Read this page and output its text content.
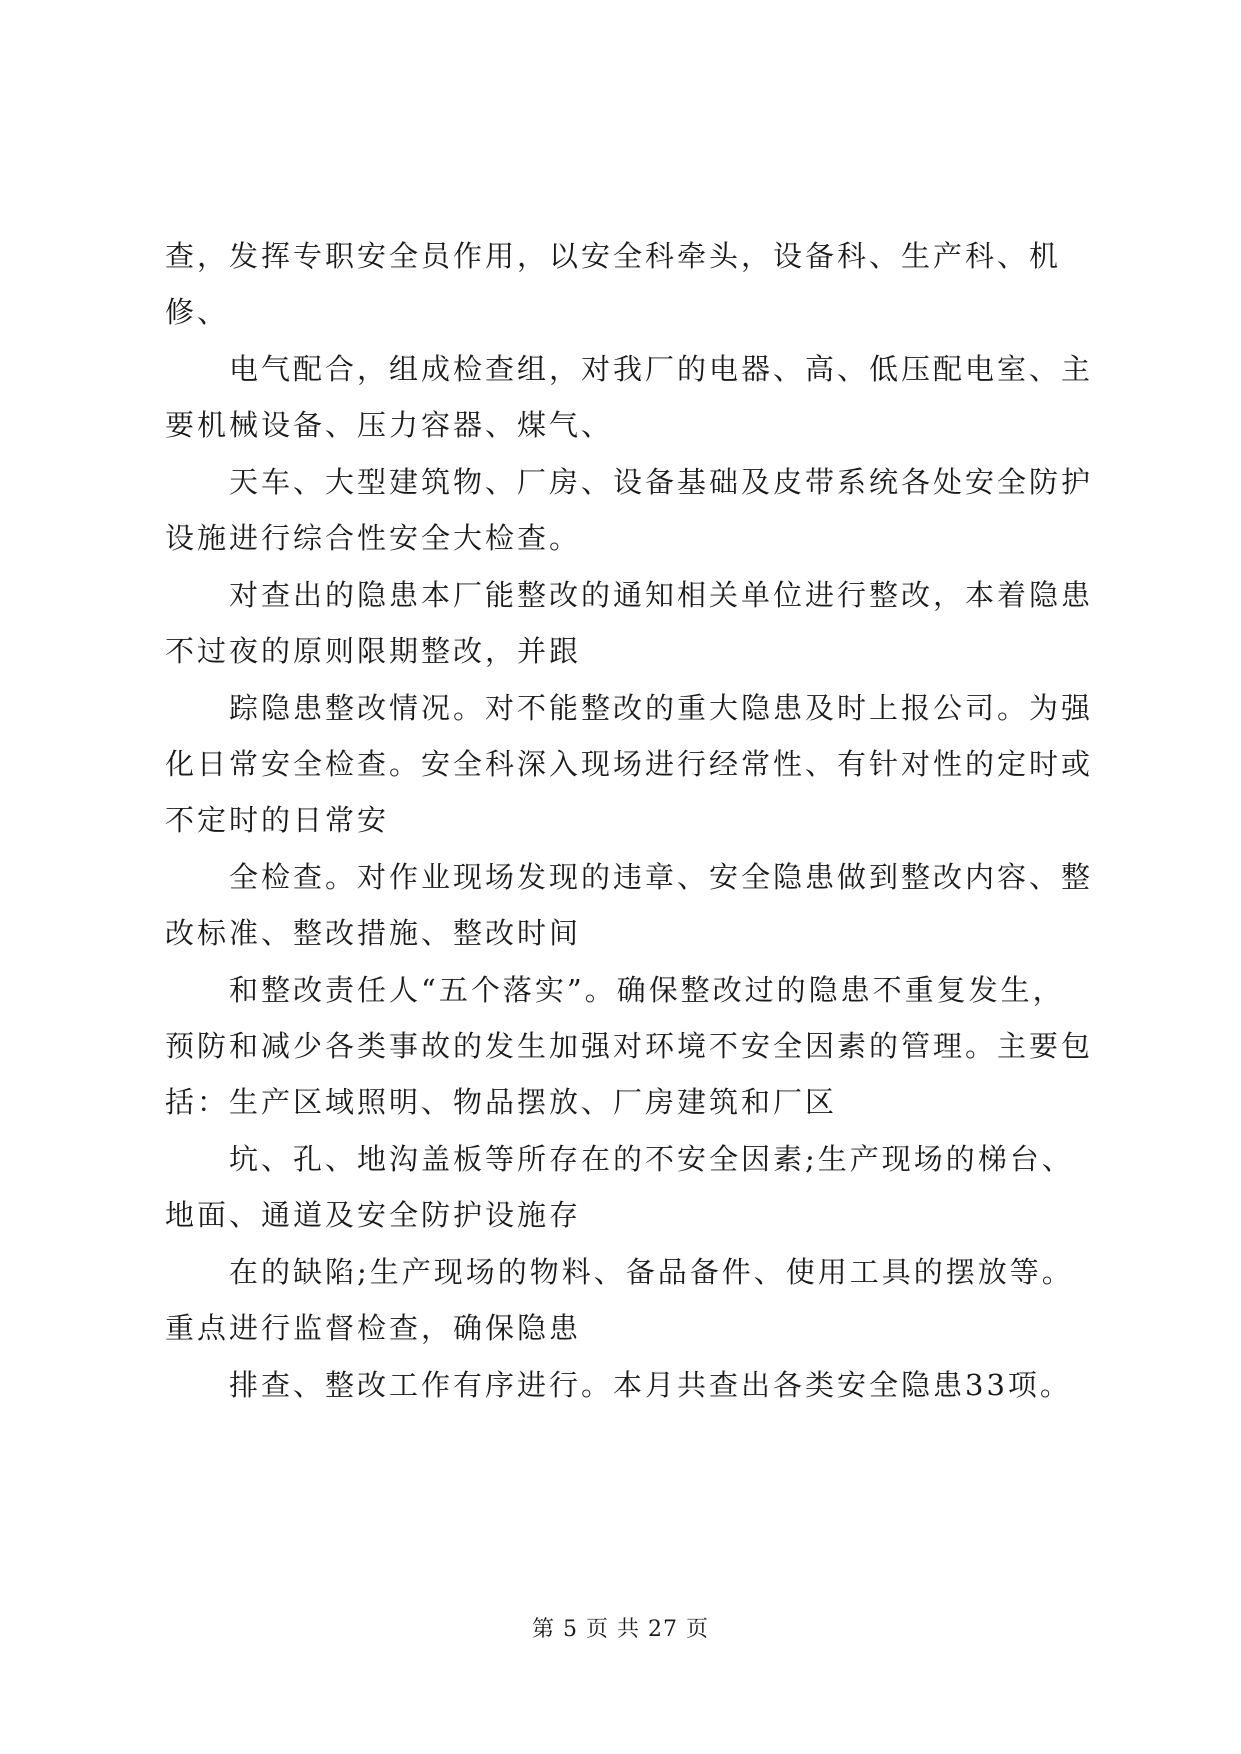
查，发挥专职安全员作用，以安全科牵头，设备科、生产科、机修、

电气配合，组成检查组，对我厂的电器、高、低压配电室、主要机械设备、压力容器、煤气、

天车、大型建筑物、厂房、设备基础及皮带系统各处安全防护设施进行综合性安全大检查。

对查出的隐患本厂能整改的通知相关单位进行整改，本着隐患不过夜的原则限期整改，并跟

踪隐患整改情况。对不能整改的重大隐患及时上报公司。为强化日常安全检查。安全科深入现场进行经常性、有针对性的定时或不定时的日常安

全检查。对作业现场发现的违章、安全隐患做到整改内容、整改标准、整改措施、整改时间

和整改责任人“五个落实”。确保整改过的隐患不重复发生，预防和减少各类事故的发生加强对环境不安全因素的管理。主要包括：生产区域照明、物品摆放、厂房建筑和厂区

坑、孔、地沟盖板等所存在的不安全因素;生产现场的梯台、地面、通道及安全防护设施存

在的缺陷;生产现场的物料、备品备件、使用工具的摆放等。重点进行监督检查，确保隐患

排查、整改工作有序进行。本月共查出各类安全隐患33项。

第 5 页 共 27 页
